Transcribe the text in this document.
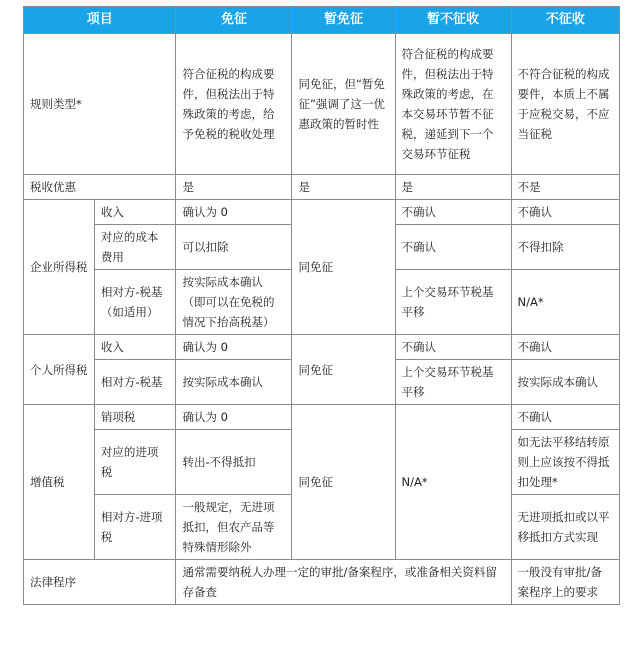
项目		免征	暂免征	暂不征收	不征收
规则类型*		符合征税的构成要件，但税法出于特殊政策的考虑，给予免税的税收处理	同免征，但“暂免征”强调了这一优惠政策的暂时性	符合征税的构成要件，但税法出于特殊政策的考虑，在本交易环节暂不征税，递延到下一个交易环节征税	不符合征税的构成要件，本质上不属于应税交易，不应当征税
税收优惠		是	是	是	不是
企业所得税	收入	确认为 0	同免征	不确认	不确认
	对应的成本费用	可以扣除		不确认	不得扣除
	相对方-税基（如适用）	按实际成本确认（即可以在免税的情况下抬高税基）		上个交易环节税基平移	N/A*
个人所得税	收入	确认为 0	同免征	不确认	不确认
	相对方-税基	按实际成本确认		上个交易环节税基平移	按实际成本确认
增值税	销项税	确认为 0	同免征	N/A*	不确认
	对应的进项税	转出-不得抵扣			如无法平移结转原则上应该按不得抵扣处理*
	相对方-进项税	一般规定，无进项抵扣，但农产品等特殊情形除外			无进项抵扣或以平移抵扣方式实现
法律程序		通常需要纳税人办理一定的审批/备案程序，或准备相关资料留存备查			一般没有审批/备案程序上的要求
